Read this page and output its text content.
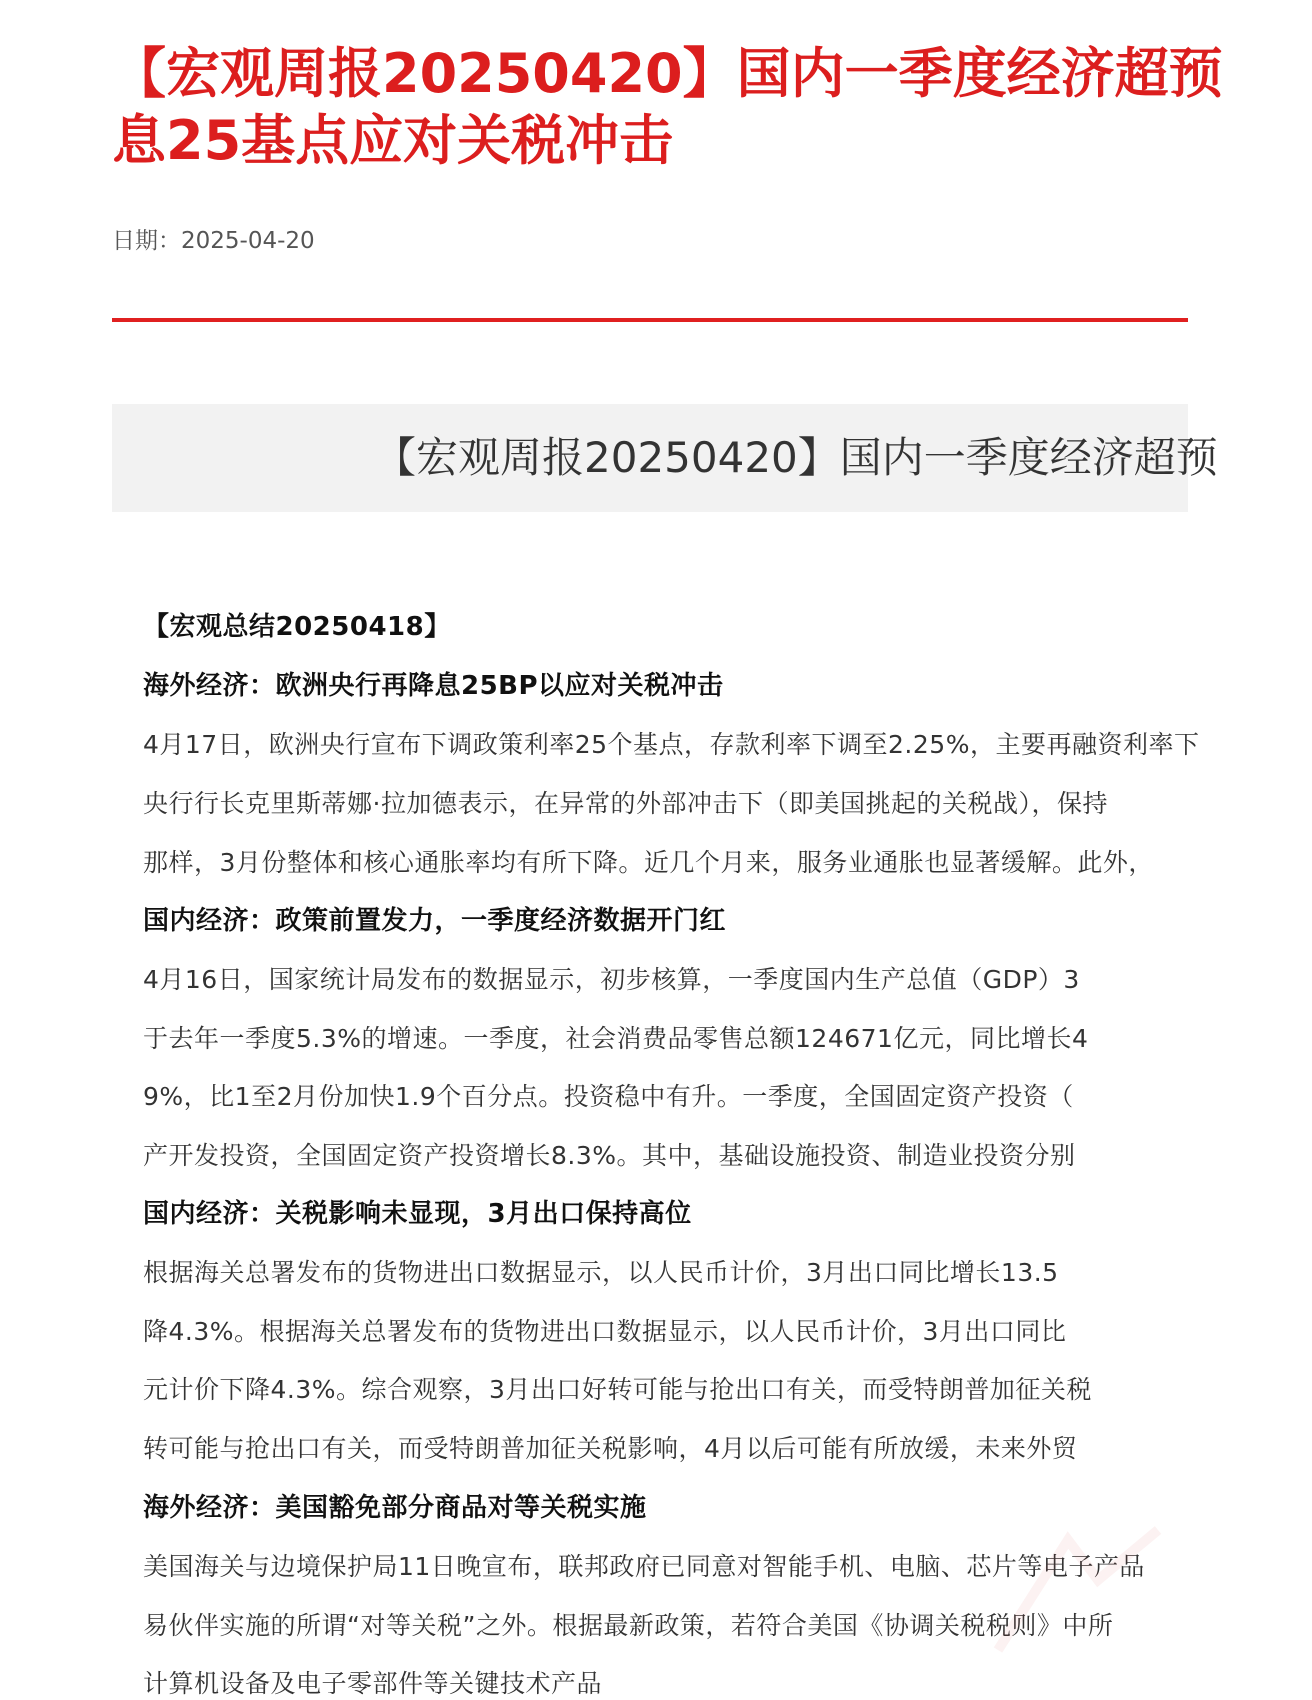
【宏观周报20250420】国内一季度经济超预
息25基点应对关税冲击
日期：2025-04-20
【宏观周报20250420】国内一季度经济超预
【宏观总结20250418】
海外经济：欧洲央行再降息25BP以应对关税冲击
4月17日，欧洲央行宣布下调政策利率25个基点，存款利率下调至2.25%，主要再融资利率下
央行行长克里斯蒂娜·拉加德表示，在异常的外部冲击下（即美国挑起的关税战），保持
那样，3月份整体和核心通胀率均有所下降。近几个月来，服务业通胀也显著缓解。此外，
国内经济：政策前置发力，一季度经济数据开门红
4月16日，国家统计局发布的数据显示，初步核算，一季度国内生产总值（GDP）3
于去年一季度5.3%的增速。一季度，社会消费品零售总额124671亿元，同比增长4
9%，比1至2月份加快1.9个百分点。投资稳中有升。一季度，全国固定资产投资（
产开发投资，全国固定资产投资增长8.3%。其中，基础设施投资、制造业投资分别
国内经济：关税影响未显现，3月出口保持高位
根据海关总署发布的货物进出口数据显示，以人民币计价，3月出口同比增长13.5
降4.3%。根据海关总署发布的货物进出口数据显示，以人民币计价，3月出口同比
元计价下降4.3%。综合观察，3月出口好转可能与抢出口有关，而受特朗普加征关税
转可能与抢出口有关，而受特朗普加征关税影响，4月以后可能有所放缓，未来外贸
海外经济：美国豁免部分商品对等关税实施
美国海关与边境保护局11日晚宣布，联邦政府已同意对智能手机、电脑、芯片等电子产品
易伙伴实施的所谓“对等关税”之外。根据最新政策，若符合美国《协调关税税则》中所
计算机设备及电子零部件等关键技术产品
